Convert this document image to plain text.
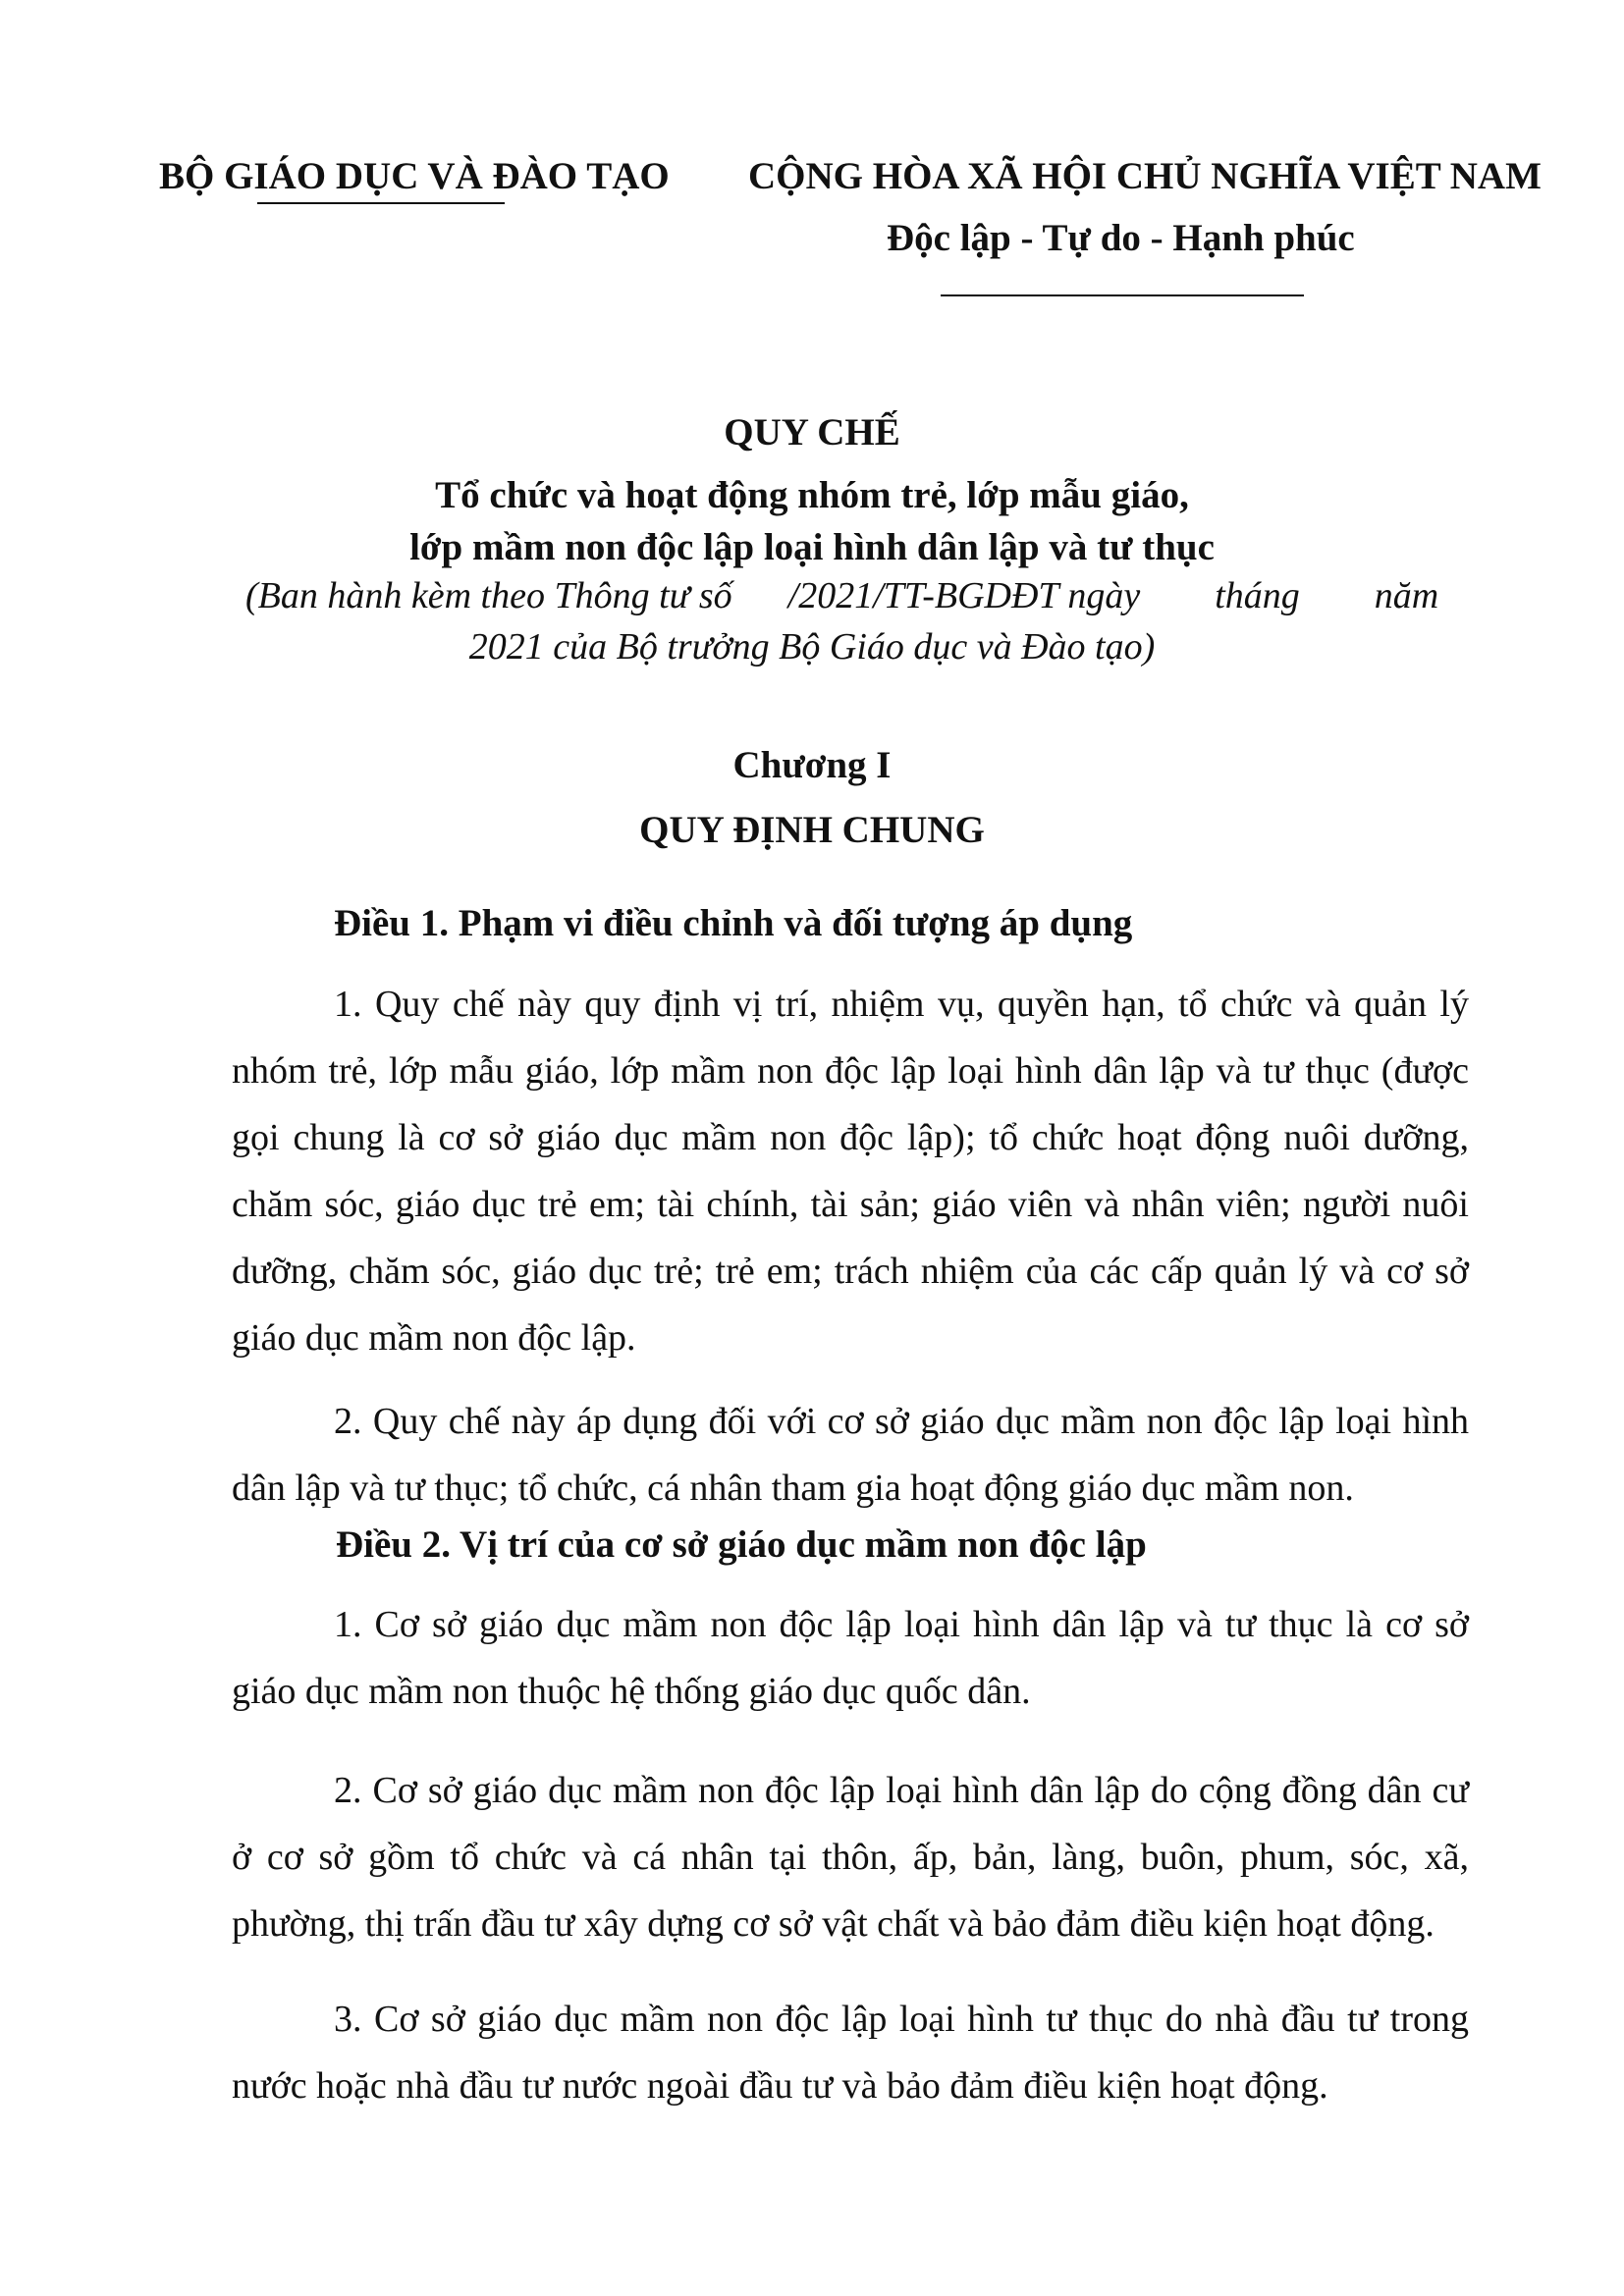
BỘ GIÁO DỤC VÀ ĐÀO TẠO CỘNG HÒA XÃ HỘI CHỦ NGHĨA VIỆT NAM
Độc lập - Tự do - Hạnh phúc
QUY CHẾ
Tổ chức và hoạt động nhóm trẻ, lớp mẫu giáo,
lớp mầm non độc lập loại hình dân lập và tư thục
(Ban hành kèm theo Thông tư số      /2021/TT-BGDĐT ngày        tháng        năm
2021 của Bộ trưởng Bộ Giáo dục và Đào tạo)
Chương I
QUY ĐỊNH CHUNG
Điều 1. Phạm vi điều chỉnh và đối tượng áp dụng
1. Quy chế này quy định vị trí, nhiệm vụ, quyền hạn, tổ chức và quản lý nhóm trẻ, lớp mẫu giáo, lớp mầm non độc lập loại hình dân lập và tư thục (được gọi chung là cơ sở giáo dục mầm non độc lập); tổ chức hoạt động nuôi dưỡng, chăm sóc, giáo dục trẻ em; tài chính, tài sản; giáo viên và nhân viên; người nuôi dưỡng, chăm sóc, giáo dục trẻ; trẻ em; trách nhiệm của các cấp quản lý và cơ sở giáo dục mầm non độc lập.
2. Quy chế này áp dụng đối với cơ sở giáo dục mầm non độc lập loại hình dân lập và tư thục; tổ chức, cá nhân tham gia hoạt động giáo dục mầm non.
Điều 2. Vị trí của cơ sở giáo dục mầm non độc lập
1. Cơ sở giáo dục mầm non độc lập loại hình dân lập và tư thục là cơ sở giáo dục mầm non thuộc hệ thống giáo dục quốc dân.
2. Cơ sở giáo dục mầm non độc lập loại hình dân lập do cộng đồng dân cư ở cơ sở gồm tổ chức và cá nhân tại thôn, ấp, bản, làng, buôn, phum, sóc, xã, phường, thị trấn đầu tư xây dựng cơ sở vật chất và bảo đảm điều kiện hoạt động.
3. Cơ sở giáo dục mầm non độc lập loại hình tư thục do nhà đầu tư trong nước hoặc nhà đầu tư nước ngoài đầu tư và bảo đảm điều kiện hoạt động.
